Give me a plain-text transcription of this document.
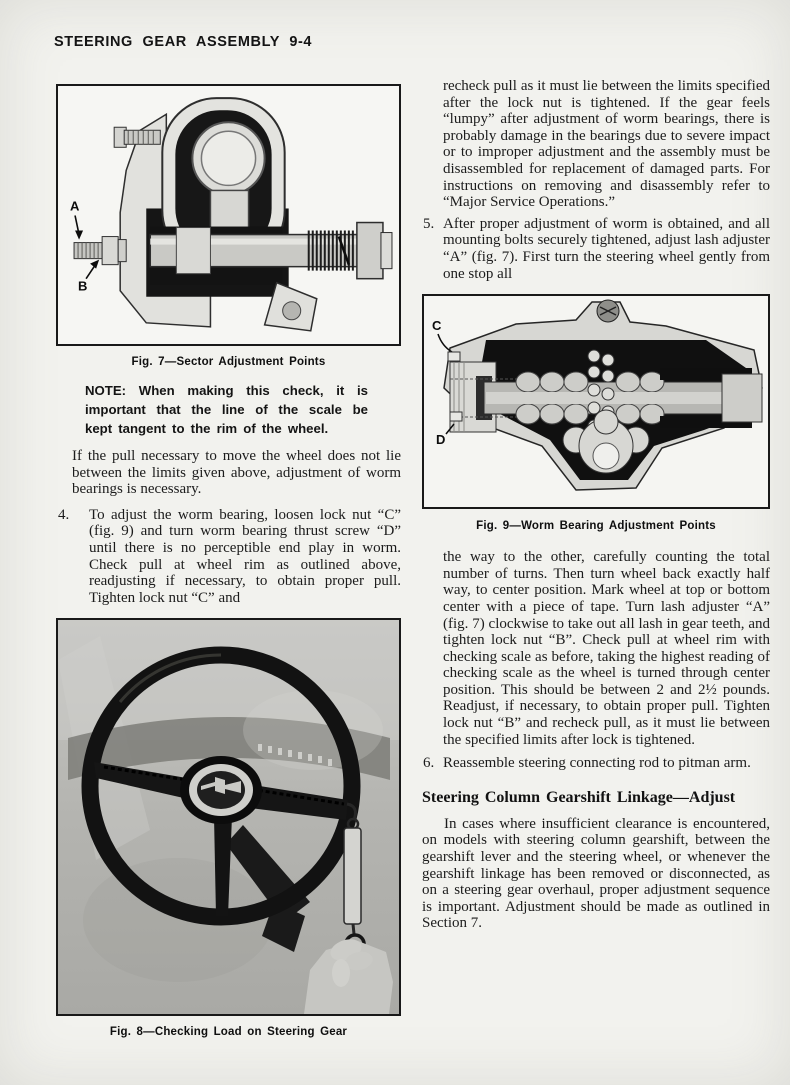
STEERING GEAR ASSEMBLY 9-4
A
B
Fig. 7—Sector Adjustment Points

NOTE: When making this check, it is important that the line of the scale be kept tangent to the rim of the wheel.

If the pull necessary to move the wheel does not lie between the limits given above, adjustment of worm bearings is necessary.

4.	To adjust the worm bearing, loosen lock nut “C” (fig. 9) and turn worm bearing thrust screw “D” until there is no perceptible end play in worm. Check pull at wheel rim as outlined above, readjusting if necessary, to obtain proper pull. Tighten lock nut “C” and
Fig. 8—Checking Load on Steering Gear

recheck pull as it must lie between the limits specified after the lock nut is tightened. If the gear feels “lumpy” after adjustment of worm bearings, there is probably damage in the bearings due to severe impact or to improper adjustment and the assembly must be disassembled for replacement of damaged parts. For instructions on removing and disassembly refer to “Major Service Operations.”

5. After proper adjustment of worm is obtained, and all mounting bolts securely tightened, adjust lash adjuster “A” (fig. 7). First turn the steering wheel gently from one stop all
C
D
Fig. 9—Worm Bearing Adjustment Points

the way to the other, carefully counting the total number of turns. Then turn wheel back exactly half way, to center position. Mark wheel at top or bottom center with a piece of tape. Turn lash adjuster “A” (fig. 7) clockwise to take out all lash in gear teeth, and tighten lock nut “B”. Check pull at wheel rim with checking scale as before, taking the highest reading of checking scale as the wheel is turned through center position. This should be between 2 and 2½ pounds. Readjust, if necessary, to obtain proper pull. Tighten lock nut “B” and recheck pull, as it must lie between the specified limits after lock is tightened.

6. Reassemble steering connecting rod to pitman arm.
Steering Column Gearshift Linkage—Adjust

In cases where insufficient clearance is encountered, on models with steering column gearshift, between the gearshift lever and the steering wheel, or whenever the gearshift linkage has been removed or disconnected, as on a steering gear overhaul, proper adjustment sequence is important. Adjustment should be made as outlined in Section 7.
